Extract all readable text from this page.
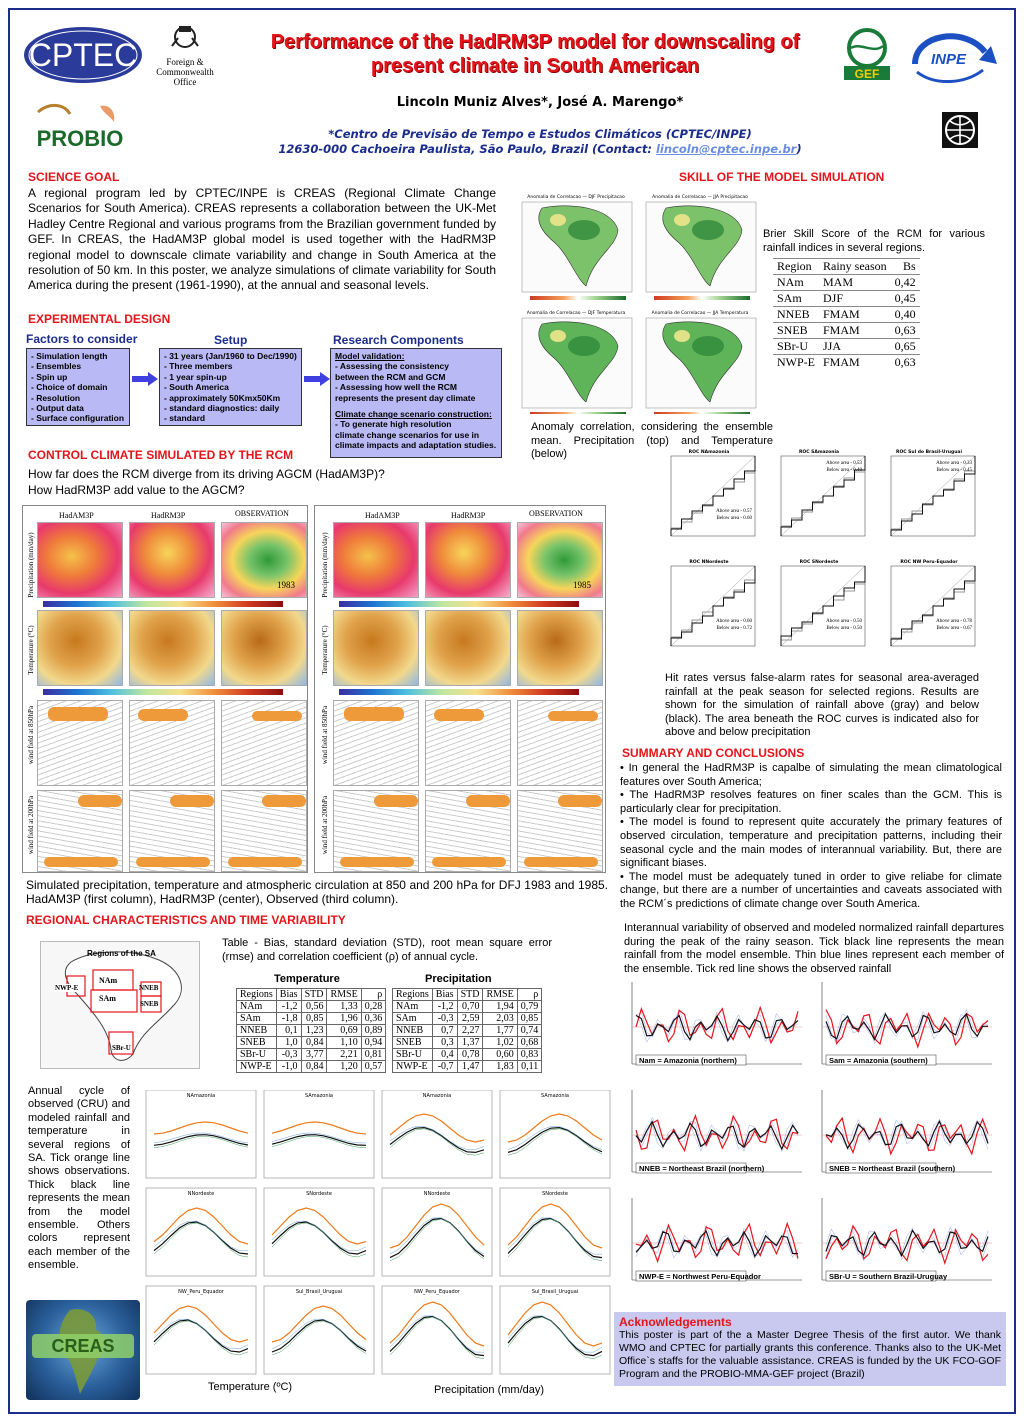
CPTEC	Foreign & Commonwealth Office
PROBIO
GEF
INPE
Performance of the HadRM3P model for downscaling of
present climate in South American
Lincoln Muniz Alves*, José A. Marengo*
*Centro de Previsão de Tempo e Estudos Climáticos (CPTEC/INPE)
12630-000 Cachoeira Paulista, São Paulo, Brazil (Contact: lincoln@cptec.inpe.br)
SCIENCE GOAL
A regional program led by CPTEC/INPE is CREAS (Regional Climate Change Scenarios for South America). CREAS represents a collaboration between the UK-Met Hadley Centre Regional and various programs from the Brazilian government funded by GEF. In CREAS, the HadAM3P global model is used together with the HadRM3P regional model to downscale climate variability and change in South America at the resolution of 50 km. In this poster, we analyze simulations of climate variability for South America during the present (1961-1990), at the annual and seasonal levels.
EXPERIMENTAL DESIGN
Factors to consider	Setup	Research Components
- Simulation length
- Ensembles
- Spin up
- Choice of domain
- Resolution
- Output data
- Surface configuration
- 31 years (Jan/1960 to Dec/1990)
- Three members
- 1 year spin-up
- South America
- approximately 50Kmx50Km
- standard diagnostics: daily
- standard
Model validation:
- Assessing the consistency
between the RCM and GCM
- Assessing how well the RCM
represents the present day climate
Climate change scenario construction:
- To generate high resolution
climate change scenarios for use in
climate impacts and adaptation studies.
CONTROL CLIMATE SIMULATED BY THE RCM
How far does the RCM diverge from its driving AGCM (HadAM3P)?
How HadRM3P add value to the AGCM?
HadAM3P	HadRM3P	OBSERVATION
Precipitation (mm/day)
Temperature (°C)
wind field at 850hPa
wind field at 200hPa
1983
HadAM3P	HadRM3P	OBSERVATION
Precipitation (mm/day)
Temperature (°C)
wind field at 850hPa
wind field at 200hPa
1985
Simulated precipitation, temperature and atmospheric circulation at 850 and 200 hPa for DFJ 1983 and 1985. HadAM3P (first column), HadRM3P (center), Observed (third column).
REGIONAL CHARACTERISTICS AND TIME VARIABILITY
Regions of the SA
NAm
NWP-E	NNEB
SAm
SNEB
SBr-U
Table - Bias, standard deviation (STD), root mean square error (rmse) and correlation coefficient (ρ) of annual cycle.
Temperature	Precipitation
Regions	Bias	STD	RMSE	ρ
NAm	-1,2	0,56	1,33	0,28
SAm	-1,8	0,85	1,96	0,36
NNEB	0,1	1,23	0,69	0,89
SNEB	1,0	0,84	1,10	0,94
SBr-U	-0,3	3,77	2,21	0,81
NWP-E	-1,0	0,84	1,20	0,57
Regions	Bias	STD	RMSE	ρ
NAm	-1,2	0,70	1,94	0,79
SAm	-0,3	2,59	2,03	0,85
NNEB	0,7	2,27	1,77	0,74
SNEB	0,3	1,37	1,02	0,68
SBr-U	0,4	0,78	0,60	0,83
NWP-E	-0,7	1,47	1,83	0,11
Annual cycle of observed (CRU) and modeled rainfall and temperature in several regions of SA. Tick orange line shows observations. Thick black line represents the mean from the model ensemble. Others colors represent each member of the ensemble.
NAmazonia	SAmazonia	NAmazonia	SAmazonia
NNordeste	SNordeste	NNordeste	SNordeste
NW_Peru_Equador	Sul_Brasil_Uruguai	NW_Peru_Equador	Sul_Brasil_Uruguai
Temperature (ºC)	Precipitation (mm/day)
CREAS
SKILL OF THE MODEL SIMULATION
Anomalia de Correlacao — DJF Precipitacao	Anomalia de Correlacao — JJA Precipitacao
Anomalia de Correlacao — DJF Temperatura	Anomalia de Correlacao — JJA Temperatura
Anomaly correlation, considering the ensemble mean. Precipitation (top) and Temperature (below)
Brier Skill Score of the RCM for various rainfall indices in several regions.
Region	Rainy season	Bs
NAm	MAM	0,42
SAm	DJF	0,45
NNEB	FMAM	0,40
SNEB	FMAM	0,63
SBr-U	JJA	0,65
NWP-E	FMAM	0,63
ROC NAmazonia
Above area - 0.57
Below area - 0.60
ROC SAmazonia
Above area - 0.53
Below area - 0.40
ROC Sul do Brasil-Uruguai
Above area - 0.33
Below area - 0.45
ROC NNordeste
Above area - 0.60
Below area - 0.72
ROC SNordeste
Above area - 0.50
Below area - 0.50
ROC NW Peru-Equador
Above area - 0.78
Below area - 0.67
Hit rates versus false-alarm rates for seasonal area-averaged rainfall at the peak season for selected regions. Results are shown for the simulation of rainfall above (gray) and below (black). The area beneath the ROC curves is indicated also for above and below precipitation
SUMMARY AND CONCLUSIONS
• In general the HadRM3P is capalbe of simulating the mean climatological features over South America;
• The HadRM3P resolves features on finer scales than the GCM. This is particularly clear for precipitation.
• The model is found to represent quite accurately the primary features of observed circulation, temperature and precipitation patterns, including their seasonal cycle and the main modes of interannual variability. But, there are significant biases.
• The model must be adequately tuned in order to give reliabe for climate change, but there are a number of uncertainties and caveats associated with the RCM´s predictions of climate change over South America.
Interannual variability of observed and modeled normalized rainfall departures during the peak of the rainy season. Tick black line represents the mean rainfall from the model ensemble. Thin blue lines represent each member of the ensemble. Tick red line shows the observed rainfall
Nam = Amazonia (northern)	Sam = Amazonia (southern)
NNEB = Northeast Brazil (northern)	SNEB = Northeast Brazil (southern)
NWP-E = Northwest Peru-Equador	SBr-U = Southern Brazil-Uruguay
Acknowledgements
This poster is part of the a Master Degree Thesis of the first autor. We thank WMO and CPTEC for partially grants this conference. Thanks also to the UK-Met Office`s staffs for the valuable assistance. CREAS is funded by the UK FCO-GOF Program and the PROBIO-MMA-GEF project (Brazil)
